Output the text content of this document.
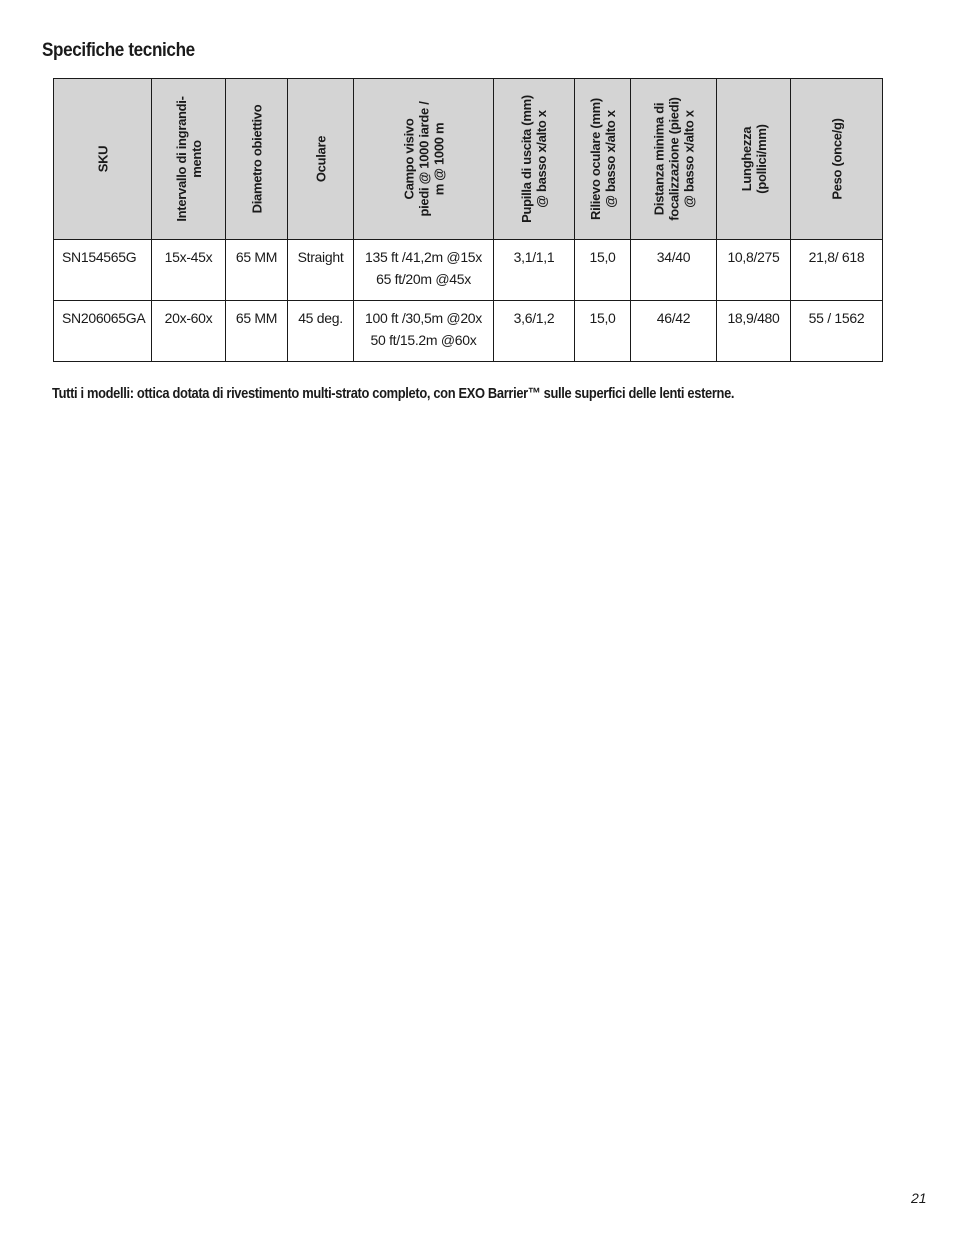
Specifiche tecniche
SKU	Intervallo di ingrandi-
mento	Diametro obiettivo	Oculare	Campo visivo
piedi @ 1000 iarde /
m @ 1000 m	Pupilla di uscita (mm)
@ basso x/alto x	Rilievo oculare (mm)
@ basso x/alto x	Distanza minima di
focalizzazione (piedi)
@ basso x/alto x	Lunghezza
(pollici/mm)	Peso (once/g)

SN154565G	15x-45x	65 MM	Straight	135 ft /41,2m @15x
65 ft/20m @45x	3,1/1,1	15,0	34/40	10,8/275	21,8/ 618
SN206065GA	20x-60x	65 MM	45 deg.	100 ft /30,5m @20x
50 ft/15.2m @60x	3,6/1,2	15,0	46/42	18,9/480	55 / 1562
Tutti i modelli: ottica dotata di rivestimento multi-strato completo, con EXO Barrier™ sulle superfici delle lenti esterne.
21
